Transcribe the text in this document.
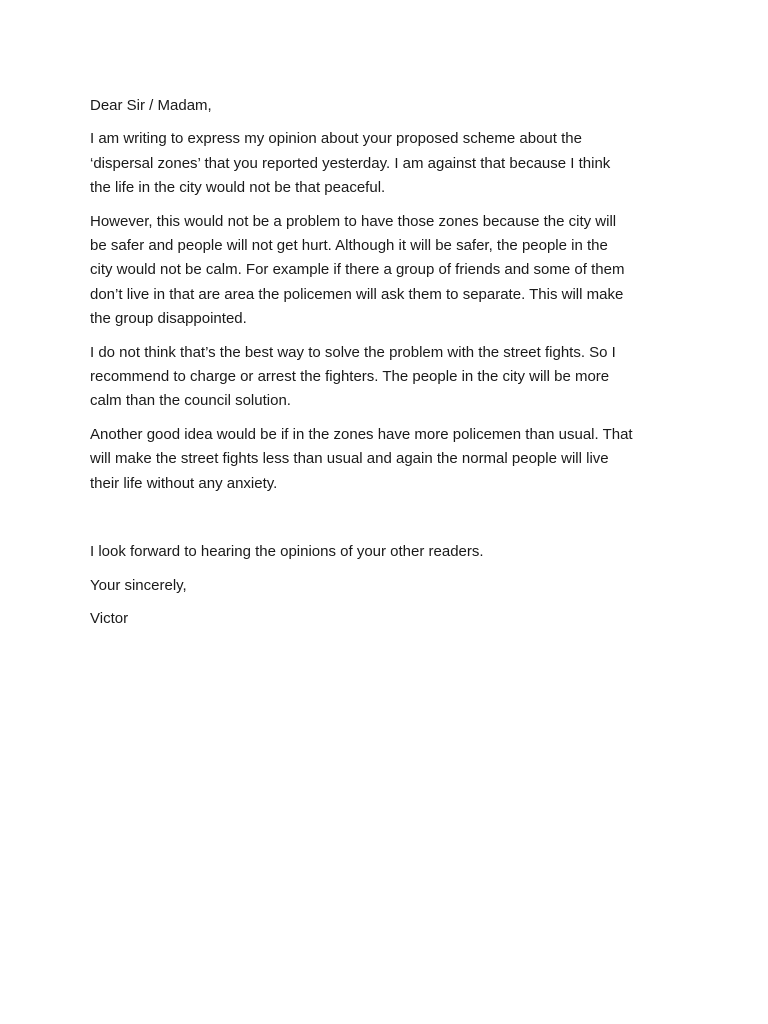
Dear Sir / Madam,
I am writing to express my opinion about your proposed scheme about the
‘dispersal zones’ that you reported yesterday. I am against that because I think
the life in the city would not be that peaceful.
However, this would not be a problem to have those zones because the city will
be safer and people will not get hurt. Although it will be safer, the people in the
city would not be calm. For example if there a group of friends and some of them
don’t live in that are area the policemen will ask them to separate. This will make
the group disappointed.
I do not think that’s the best way to solve the problem with the street fights. So I
recommend to charge or arrest the fighters. The people in the city will be more
calm than the council solution.
Another good idea would be if in the zones have more policemen than usual. That
will make the street fights less than usual and again the normal people will live
their life without any anxiety.
I look forward to hearing the opinions of your other readers.
Your sincerely,
Victor
